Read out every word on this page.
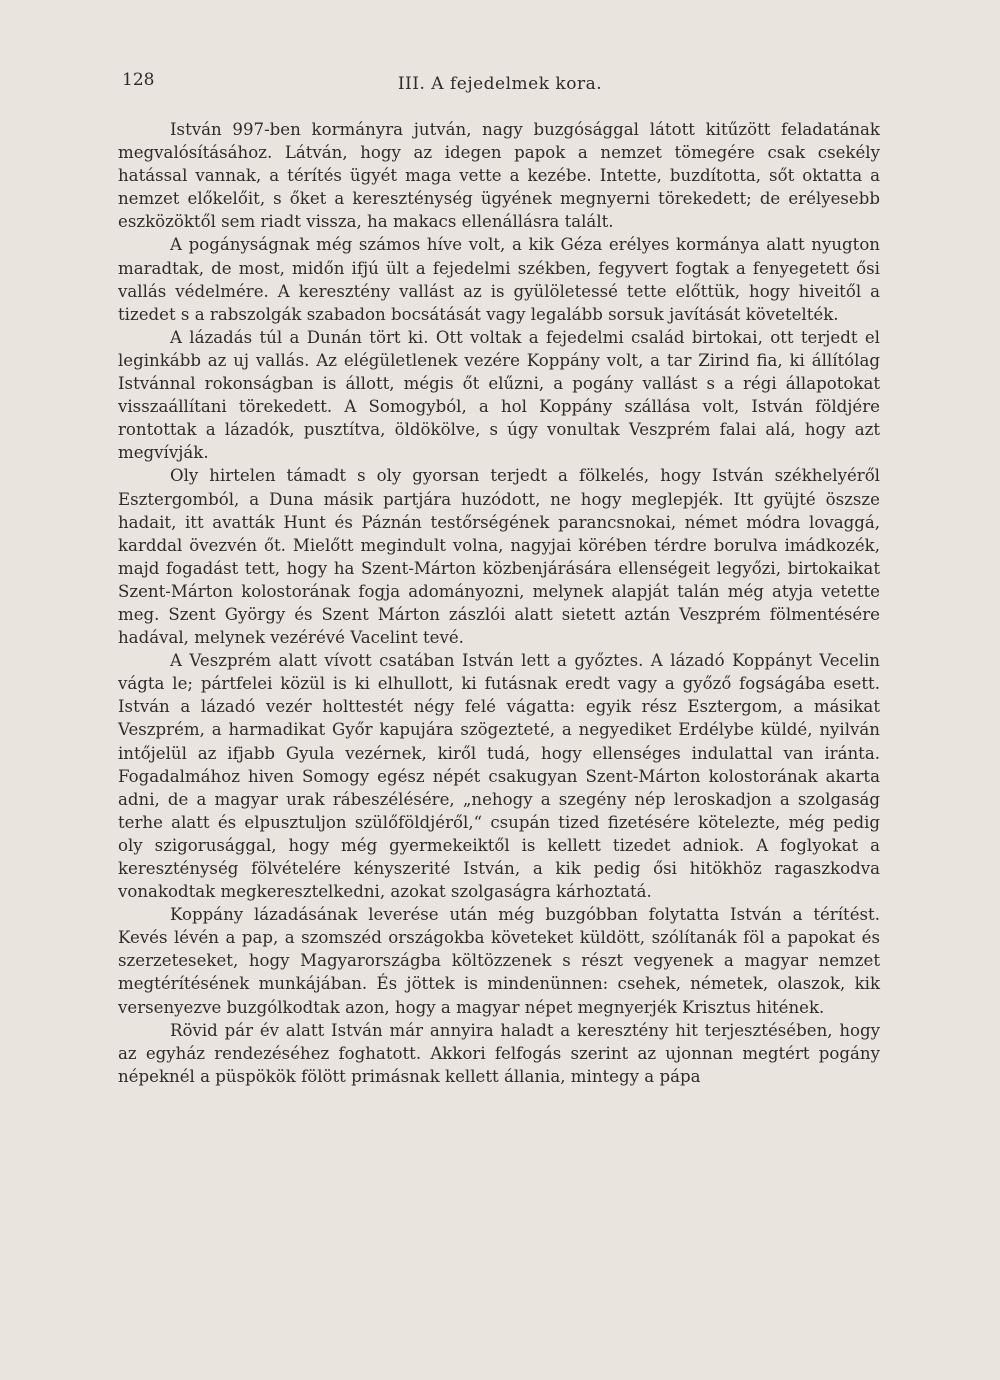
128	III. A fejedelmek kora.

István 997-ben kormányra jutván, nagy buzgósággal látott kitűzött feladatának megvalósításához. Látván, hogy az idegen papok a nemzet tömegére csak csekély hatással vannak, a térítés ügyét maga vette a kezébe. Intette, buzdította, sőt oktatta a nemzet előkelőit, s őket a kereszténység ügyének megnyerni törekedett; de erélyesebb eszközöktől sem riadt vissza, ha makacs ellenállásra talált.

A pogányságnak még számos híve volt, a kik Géza erélyes kormánya alatt nyugton maradtak, de most, midőn ifjú ült a fejedelmi székben, fegyvert fogtak a fenyegetett ősi vallás védelmére. A keresztény vallást az is gyülöletessé tette előttük, hogy hiveitől a tizedet s a rabszolgák szabadon bocsátását vagy legalább sorsuk javítását követelték.

A lázadás túl a Dunán tört ki. Ott voltak a fejedelmi család birtokai, ott terjedt el leginkább az uj vallás. Az elégületlenek vezére Koppány volt, a tar Zirind fia, ki állítólag Istvánnal rokonságban is állott, mégis őt elűzni, a pogány vallást s a régi állapotokat visszaállítani törekedett. A Somogyból, a hol Koppány szállása volt, István földjére rontottak a lázadók, pusztítva, öldökölve, s úgy vonultak Veszprém falai alá, hogy azt megvívják.

Oly hirtelen támadt s oly gyorsan terjedt a fölkelés, hogy István székhelyéről Esztergomból, a Duna másik partjára huzódott, ne hogy meglepjék. Itt gyüjté öszsze hadait, itt avatták Hunt és Páznán testőrségének parancsnokai, német módra lovaggá, karddal övezvén őt. Mielőtt megindult volna, nagyjai körében térdre borulva imádkozék, majd fogadást tett, hogy ha Szent-Márton közbenjárására ellenségeit legyőzi, birtokaikat Szent-Márton kolostorának fogja adományozni, melynek alapját talán még atyja vetette meg. Szent György és Szent Márton zászlói alatt sietett aztán Veszprém fölmentésére hadával, melynek vezérévé Vacelint tevé.

A Veszprém alatt vívott csatában István lett a győztes. A lázadó Koppányt Vecelin vágta le; pártfelei közül is ki elhullott, ki futásnak eredt vagy a győző fogságába esett. István a lázadó vezér holttestét négy felé vágatta: egyik rész Esztergom, a másikat Veszprém, a harmadikat Győr kapujára szögezteté, a negyediket Erdélybe küldé, nyilván intőjelül az ifjabb Gyula vezérnek, kiről tudá, hogy ellenséges indulattal van iránta. Fogadalmához hiven Somogy egész népét csakugyan Szent-Márton kolostorának akarta adni, de a magyar urak rábeszélésére, „nehogy a szegény nép leroskadjon a szolgaság terhe alatt és elpusztuljon szülőföldjéről,“ csupán tized fizetésére kötelezte, még pedig oly szigorusággal, hogy még gyermekeiktől is kellett tizedet adniok. A foglyokat a kereszténység fölvételére kényszerité István, a kik pedig ősi hitökhöz ragaszkodva vonakodtak megkeresztelkedni, azokat szolgaságra kárhoztatá.

Koppány lázadásának leverése után még buzgóbban folytatta István a térítést. Kevés lévén a pap, a szomszéd országokba követeket küldött, szólítanák föl a papokat és szerzeteseket, hogy Magyarországba költözzenek s részt vegyenek a magyar nemzet megtérítésének munkájában. És jöttek is mindenünnen: csehek, németek, olaszok, kik versenyezve buzgólkodtak azon, hogy a magyar népet megnyerjék Krisztus hitének.

Rövid pár év alatt István már annyira haladt a keresztény hit terjesztésében, hogy az egyház rendezéséhez foghatott. Akkori felfogás szerint az ujonnan megtért pogány népeknél a püspökök fölött primásnak kellett állania, mintegy a pápa
